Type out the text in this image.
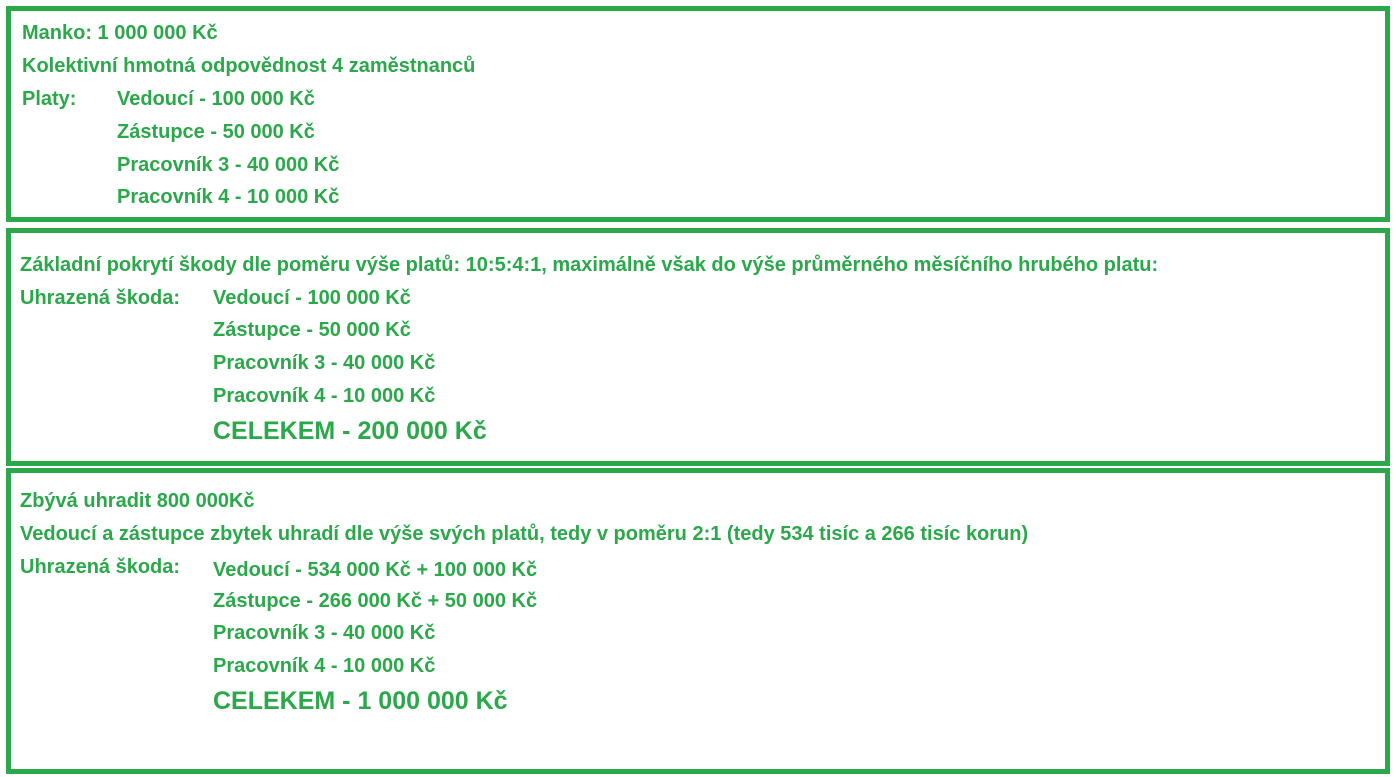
Manko: 1 000 000 Kč
Kolektivní hmotná odpovědnost 4 zaměstnanců
Platy: Vedoucí - 100 000 Kč
Zástupce - 50 000 Kč
Pracovník 3 - 40 000 Kč
Pracovník 4 - 10 000 Kč
Základní pokrytí škody dle poměru výše platů: 10:5:4:1, maximálně však do výše průměrného měsíčního hrubého platu:
Uhrazená škoda: Vedoucí - 100 000 Kč
Zástupce - 50 000 Kč
Pracovník 3 - 40 000 Kč
Pracovník 4 - 10 000 Kč
CELEKEM - 200 000 Kč
Zbývá uhradit 800 000Kč
Vedoucí a zástupce zbytek uhradí dle výše svých platů, tedy v poměru 2:1 (tedy 534 tisíc a 266 tisíc korun)
Uhrazená škoda: Vedoucí - 534 000 Kč + 100 000 Kč
Zástupce - 266 000 Kč + 50 000 Kč
Pracovník 3 - 40 000 Kč
Pracovník 4 - 10 000 Kč
CELEKEM - 1 000 000 Kč
